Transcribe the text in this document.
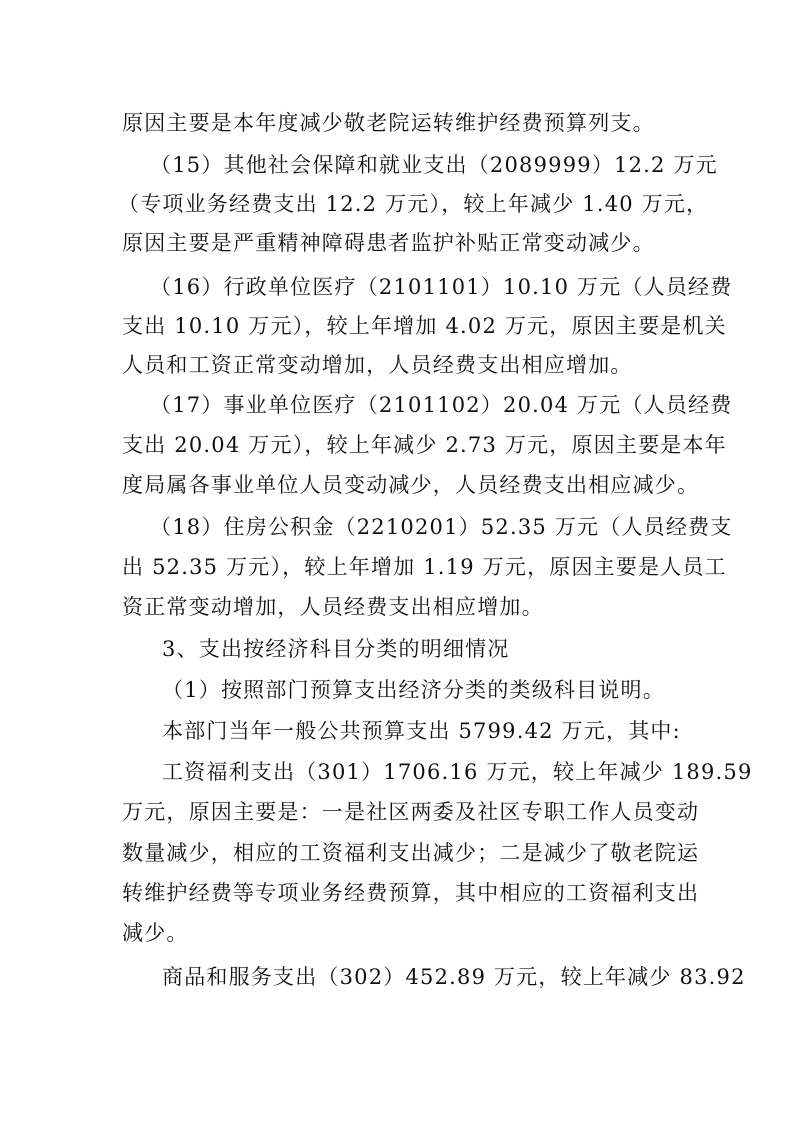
原因主要是本年度减少敬老院运转维护经费预算列支。
（15）其他社会保障和就业支出（2089999）12.2 万元
（专项业务经费支出 12.2 万元），较上年减少 1.40 万元，
原因主要是严重精神障碍患者监护补贴正常变动减少。
（16）行政单位医疗（2101101）10.10 万元（人员经费
支出 10.10 万元），较上年增加 4.02 万元，原因主要是机关
人员和工资正常变动增加，人员经费支出相应增加。
（17）事业单位医疗（2101102）20.04 万元（人员经费
支出 20.04 万元），较上年减少 2.73 万元，原因主要是本年
度局属各事业单位人员变动减少，人员经费支出相应减少。
（18）住房公积金（2210201）52.35 万元（人员经费支
出 52.35 万元），较上年增加 1.19 万元，原因主要是人员工
资正常变动增加，人员经费支出相应增加。
3、支出按经济科目分类的明细情况
（1）按照部门预算支出经济分类的类级科目说明。
本部门当年一般公共预算支出 5799.42 万元，其中:
工资福利支出（301）1706.16 万元，较上年减少 189.59
万元，原因主要是：一是社区两委及社区专职工作人员变动
数量减少，相应的工资福利支出减少；二是减少了敬老院运
转维护经费等专项业务经费预算，其中相应的工资福利支出
减少。
商品和服务支出（302）452.89 万元，较上年减少 83.92
